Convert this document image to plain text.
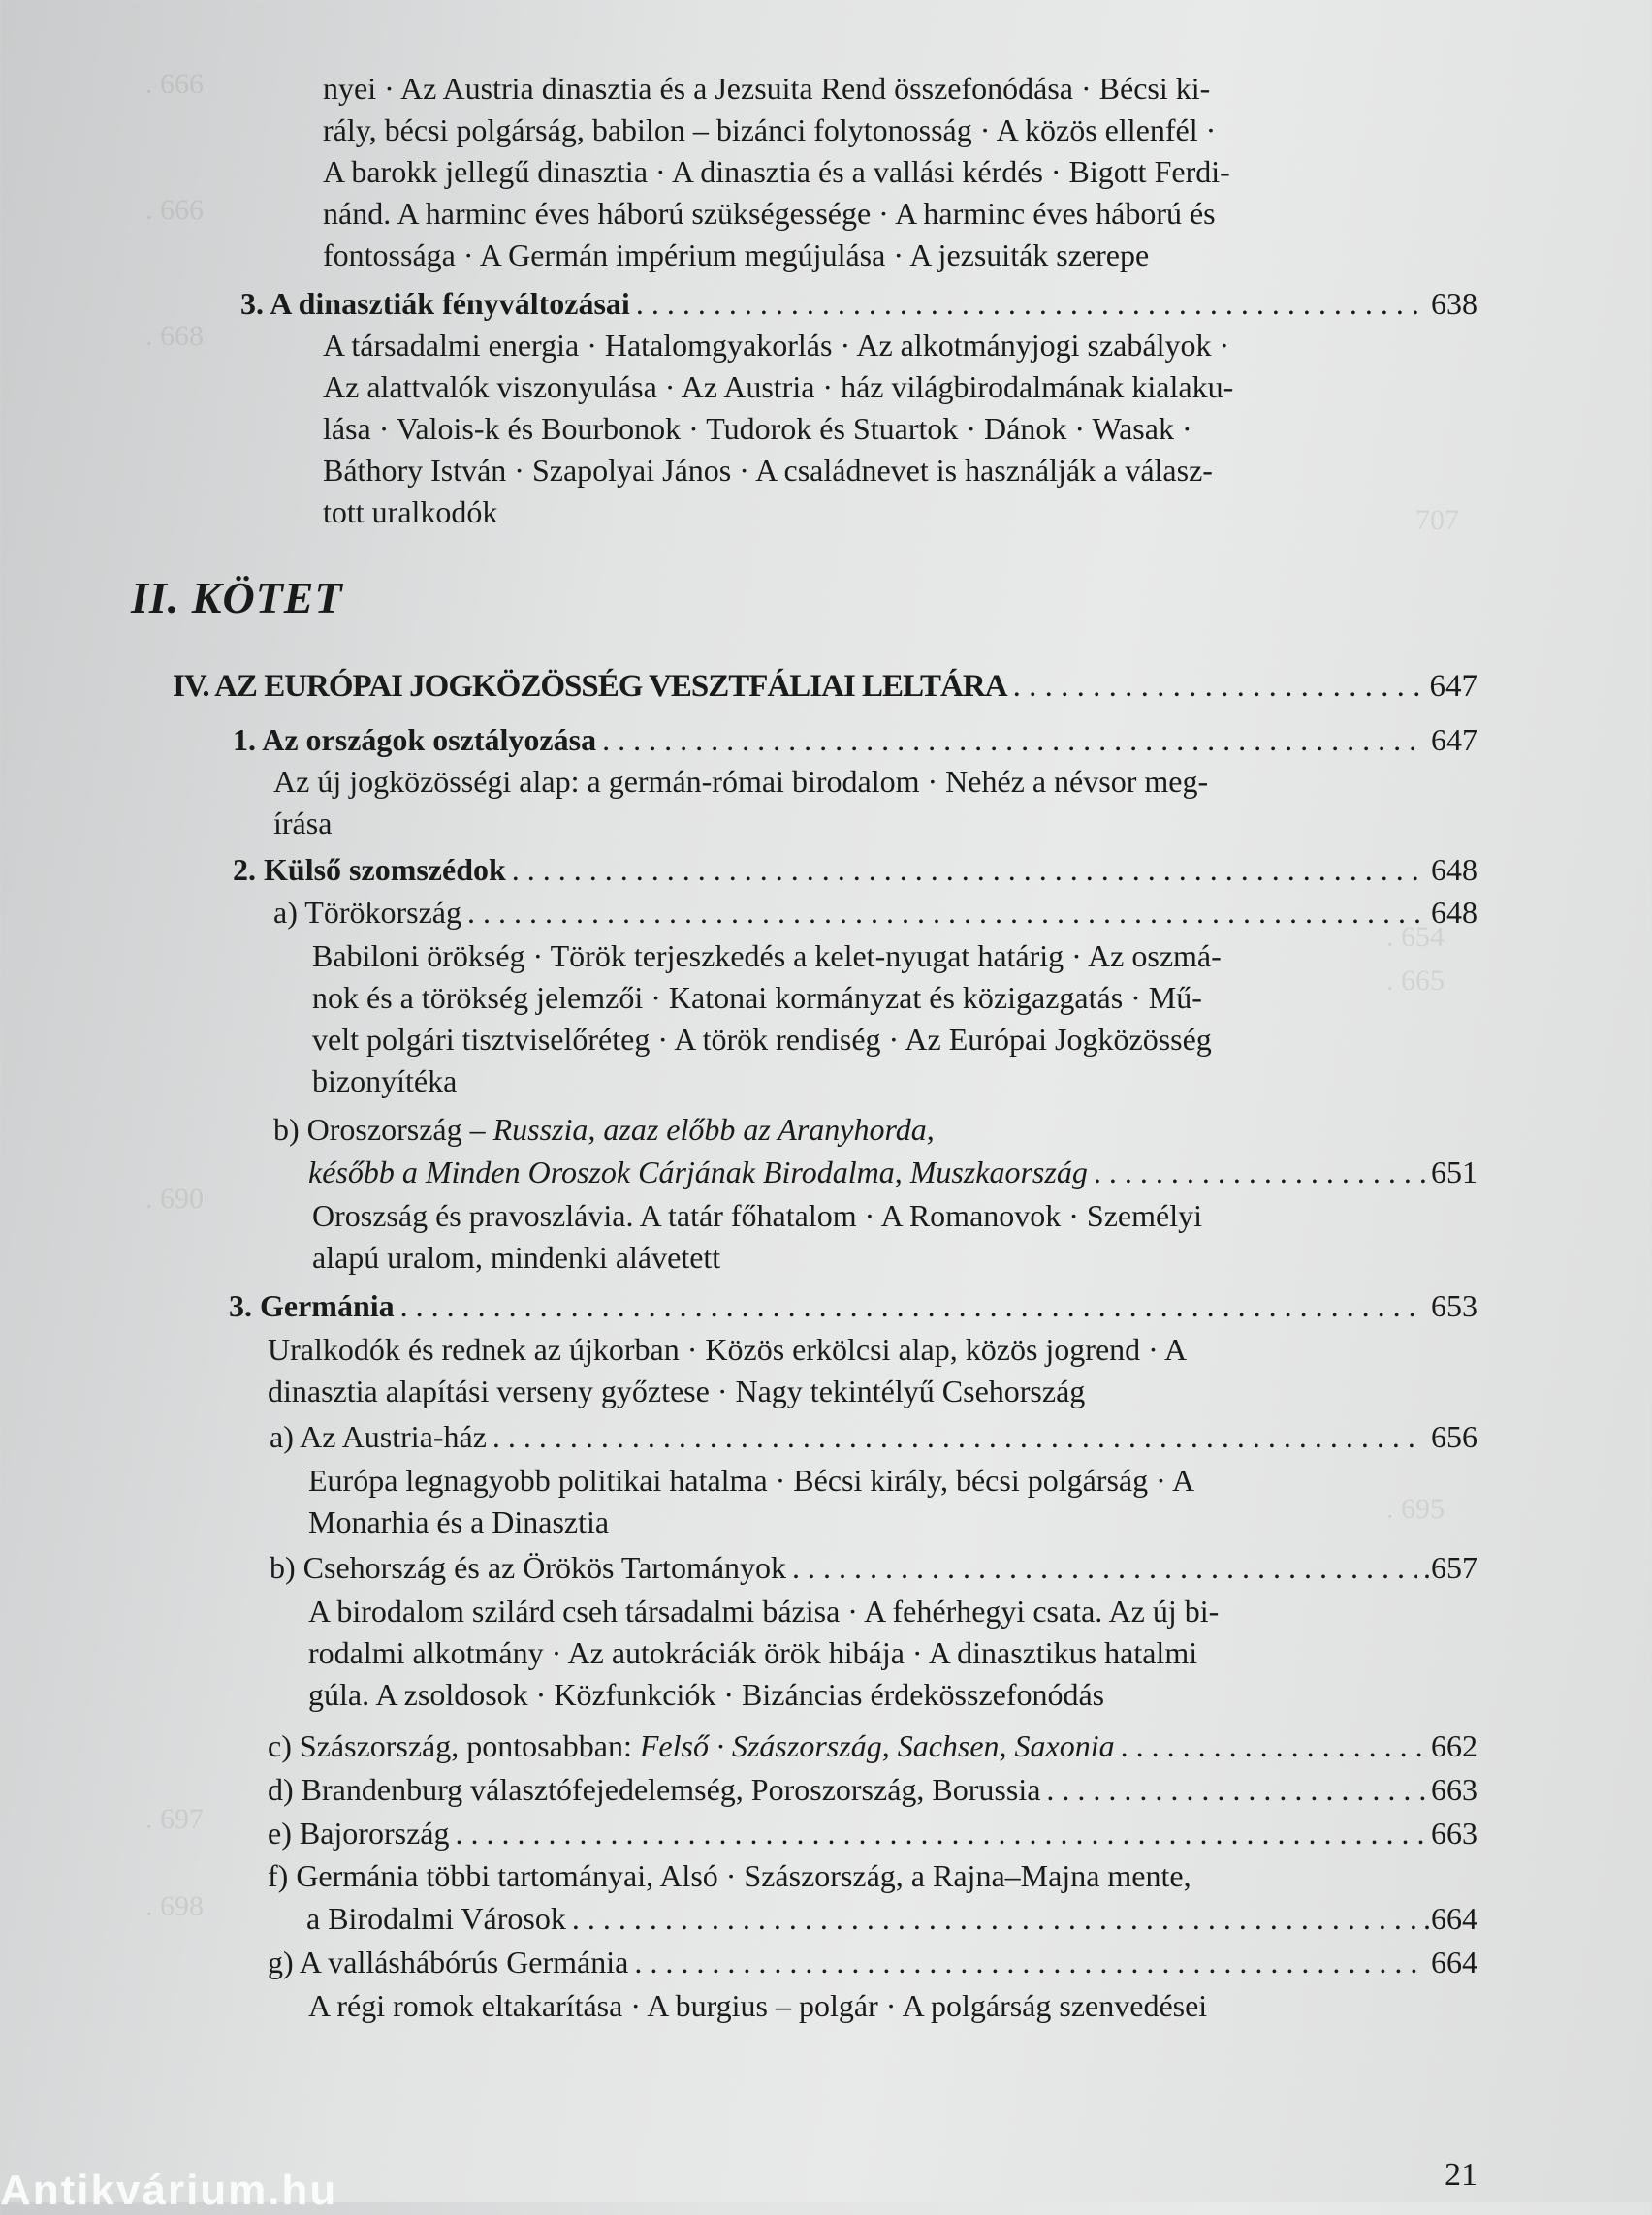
. 666
. 666
. 668
707
. 654
. 665
. 690
. 695
. 697
. 698
nyei · Az Austria dinasztia és a Jezsuita Rend összefonódása · Bécsi ki-
rály, bécsi polgárság, babilon – bizánci folytonosság · A közös ellenfél ·
A barokk jellegű dinasztia · A dinasztia és a vallási kérdés · Bigott Ferdi-
nánd. A harminc éves háború szükségessége · A harminc éves háború és
fontossága · A Germán impérium megújulása · A jezsuiták szerepe
3. A dinasztiák fényváltozásai . . .	638
A társadalmi energia · Hatalomgyakorlás · Az alkotmányjogi szabályok ·
Az alattvalók viszonyulása · Az Austria · ház világbirodalmának kialaku-
lása · Valois-k és Bourbonok · Tudorok és Stuartok · Dánok · Wasak ·
Báthory István · Szapolyai János · A családnevet is használják a válasz-
tott uralkodók
II. KÖTET
IV. AZ EURÓPAI JOGKÖZÖSSÉG VESZTFÁLIAI LELTÁRA . . .	647
1. Az országok osztályozása . . .	647
Az új jogközösségi alap: a germán-római birodalom · Nehéz a névsor meg-
írása
2. Külső szomszédok . . .	648
a) Törökország . . .	648
Babiloni örökség · Török terjeszkedés a kelet-nyugat határig · Az oszmá-
nok és a törökség jelemzői · Katonai kormányzat és közigazgatás · Mű-
velt polgári tisztviselőréteg · A török rendiség · Az Európai Jogközösség
bizonyítéka
b) Oroszország – Russzia, azaz előbb az Aranyhorda,
később a Minden Oroszok Cárjának Birodalma, Muszkaország . . .	651
Oroszság és pravoszlávia. A tatár főhatalom · A Romanovok · Személyi
alapú uralom, mindenki alávetett
3. Germánia . . .	653
Uralkodók és rednek az újkorban · Közös erkölcsi alap, közös jogrend · A
dinasztia alapítási verseny győztese · Nagy tekintélyű Csehország
a) Az Austria-ház . . .	656
Európa legnagyobb politikai hatalma · Bécsi király, bécsi polgárság · A
Monarhia és a Dinasztia
b) Csehország és az Örökös Tartományok . . .	.657
A birodalom szilárd cseh társadalmi bázisa · A fehérhegyi csata. Az új bi-
rodalmi alkotmány · Az autokráciák örök hibája · A dinasztikus hatalmi
gúla. A zsoldosok · Közfunkciók · Bizáncias érdekösszefonódás
c) Szászország, pontosabban: Felső · Szászország, Sachsen, Saxonia . . .	662
d) Brandenburg választófejedelemség, Poroszország, Borussia . . .	663
e) Bajorország . . .	663
f) Germánia többi tartományai, Alsó · Szászország, a Rajna–Majna mente,
a Birodalmi Városok . . .	.664
g) A valláshábórús Germánia . . .	664
A régi romok eltakarítása · A burgius – polgár · A polgárság szenvedései
21
Antikvárium.hu
